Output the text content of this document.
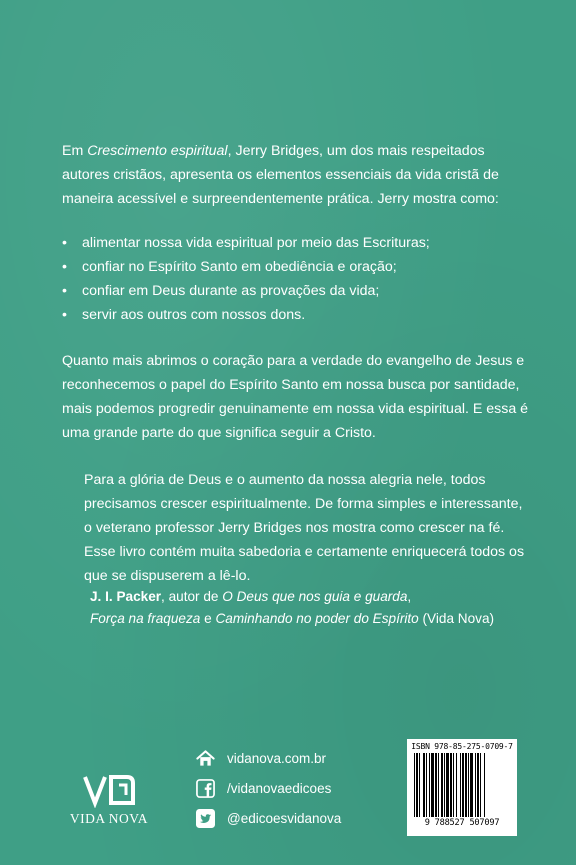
Em Crescimento espiritual, Jerry Bridges, um dos mais respeitados autores cristãos, apresenta os elementos essenciais da vida cristã de maneira acessível e surpreendentemente prática. Jerry mostra como:

• alimentar nossa vida espiritual por meio das Escrituras;
• confiar no Espírito Santo em obediência e oração;
• confiar em Deus durante as provações da vida;
• servir aos outros com nossos dons.

Quanto mais abrimos o coração para a verdade do evangelho de Jesus e reconhecemos o papel do Espírito Santo em nossa busca por santidade, mais podemos progredir genuinamente em nossa vida espiritual. E essa é uma grande parte do que significa seguir a Cristo.

Para a glória de Deus e o aumento da nossa alegria nele, todos precisamos crescer espiritualmente. De forma simples e interessante, o veterano professor Jerry Bridges nos mostra como crescer na fé. Esse livro contém muita sabedoria e certamente enriquecerá todos os que se dispuserem a lê-lo.

J. I. Packer, autor de O Deus que nos guia e guarda,
Força na fraqueza e Caminhando no poder do Espírito (Vida Nova)

VIDA NOVA
vidanova.com.br
/vidanovaedicoes
@edicoesvidanova
ISBN 978-85-275-0709-7
9 788527 507097
